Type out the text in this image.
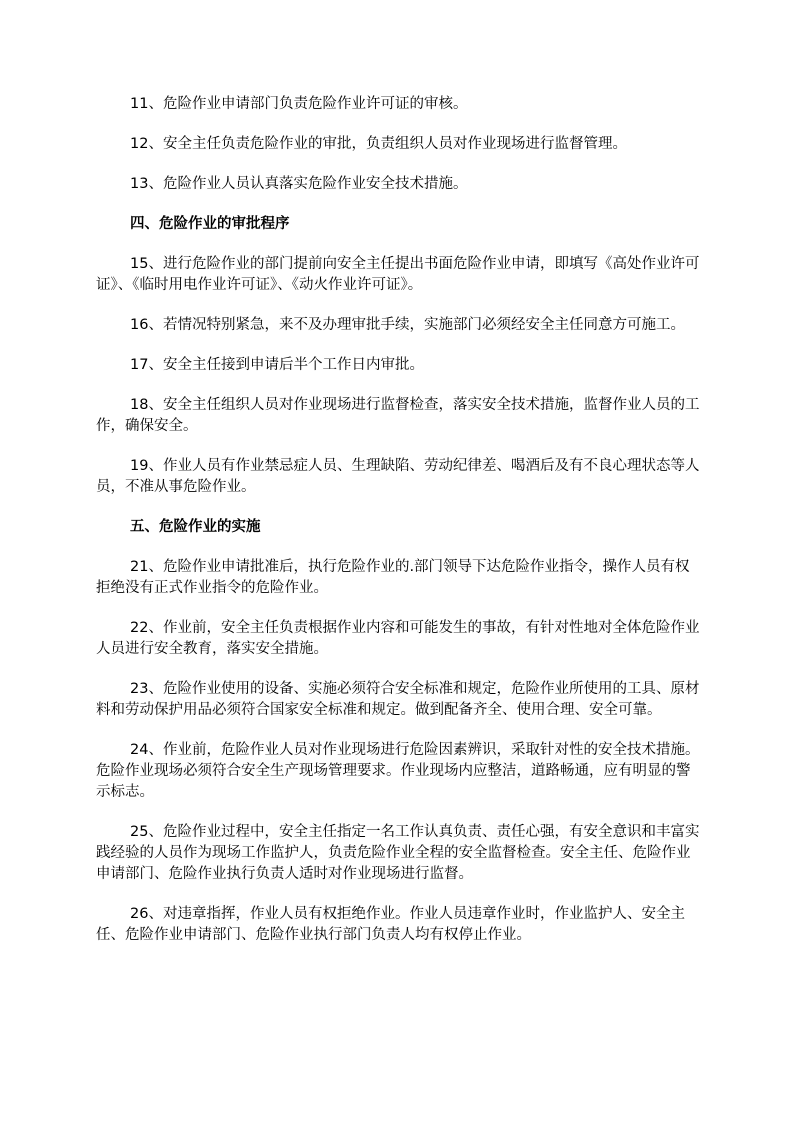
11、危险作业申请部门负责危险作业许可证的审核。

12、安全主任负责危险作业的审批，负责组织人员对作业现场进行监督管理。

13、危险作业人员认真落实危险作业安全技术措施。

四、危险作业的审批程序

15、进行危险作业的部门提前向安全主任提出书面危险作业申请，即填写《高处作业许可证》、《临时用电作业许可证》、《动火作业许可证》。

16、若情况特别紧急，来不及办理审批手续，实施部门必须经安全主任同意方可施工。

17、安全主任接到申请后半个工作日内审批。

18、安全主任组织人员对作业现场进行监督检查，落实安全技术措施，监督作业人员的工作，确保安全。

19、作业人员有作业禁忌症人员、生理缺陷、劳动纪律差、喝酒后及有不良心理状态等人员，不准从事危险作业。

五、危险作业的实施

21、危险作业申请批准后，执行危险作业的.部门领导下达危险作业指令，操作人员有权拒绝没有正式作业指令的危险作业。

22、作业前，安全主任负责根据作业内容和可能发生的事故，有针对性地对全体危险作业人员进行安全教育，落实安全措施。

23、危险作业使用的设备、实施必须符合安全标准和规定，危险作业所使用的工具、原材料和劳动保护用品必须符合国家安全标准和规定。做到配备齐全、使用合理、安全可靠。

24、作业前，危险作业人员对作业现场进行危险因素辨识，采取针对性的安全技术措施。危险作业现场必须符合安全生产现场管理要求。作业现场内应整洁，道路畅通，应有明显的警示标志。

25、危险作业过程中，安全主任指定一名工作认真负责、责任心强，有安全意识和丰富实践经验的人员作为现场工作监护人，负责危险作业全程的安全监督检查。安全主任、危险作业申请部门、危险作业执行负责人适时对作业现场进行监督。

26、对违章指挥，作业人员有权拒绝作业。作业人员违章作业时，作业监护人、安全主任、危险作业申请部门、危险作业执行部门负责人均有权停止作业。
